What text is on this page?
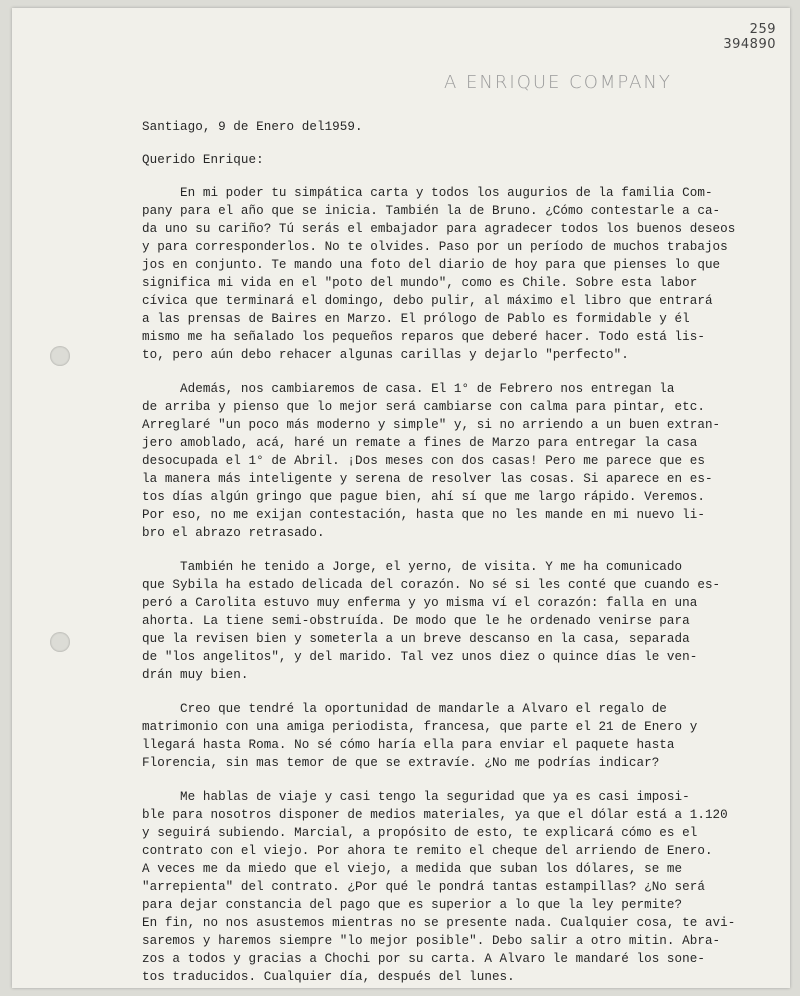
259
394890
A ENRIQUE COMPANY
Santiago, 9 de Enero del1959.
Querido Enrique:
En mi poder tu simpática carta y todos los augurios de la familia Com-
pany para el año que se inicia. También la de Bruno. ¿Cómo contestarle a ca-
da uno su cariño? Tú serás el embajador para agradecer todos los buenos deseos
y para corresponderlos. No te olvides. Paso por un período de muchos trabajos
jos en conjunto. Te mando una foto del diario de hoy para que pienses lo que
significa mi vida en el "poto del mundo", como es Chile. Sobre esta labor
cívica que terminará el domingo, debo pulir, al máximo el libro que entrará
a las prensas de Baires en Marzo. El prólogo de Pablo es formidable y él
mismo me ha señalado los pequeños reparos que deberé hacer. Todo está lis-
to, pero aún debo rehacer algunas carillas y dejarlo "perfecto".
Además, nos cambiaremos de casa. El 1° de Febrero nos entregan la
de arriba y pienso que lo mejor será cambiarse con calma para pintar, etc.
Arreglaré "un poco más moderno y simple" y, si no arriendo a un buen extran-
jero amoblado, acá, haré un remate a fines de Marzo para entregar la casa
desocupada el 1° de Abril. ¡Dos meses con dos casas! Pero me parece que es
la manera más inteligente y serena de resolver las cosas. Si aparece en es-
tos días algún gringo que pague bien, ahí sí que me largo rápido. Veremos.
Por eso, no me exijan contestación, hasta que no les mande en mi nuevo li-
bro el abrazo retrasado.
También he tenido a Jorge, el yerno, de visita. Y me ha comunicado
que Sybila ha estado delicada del corazón. No sé si les conté que cuando es-
peró a Carolita estuvo muy enferma y yo misma ví el corazón: falla en una
ahorta. La tiene semi-obstruída. De modo que le he ordenado venirse para
que la revisen bien y someterla a un breve descanso en la casa, separada
de "los angelitos", y del marido. Tal vez unos diez o quince días le ven-
drán muy bien.
Creo que tendré la oportunidad de mandarle a Alvaro el regalo de
matrimonio con una amiga periodista, francesa, que parte el 21 de Enero y
llegará hasta Roma. No sé cómo haría ella para enviar el paquete hasta
Florencia, sin mas temor de que se extravíe. ¿No me podrías indicar?
Me hablas de viaje y casi tengo la seguridad que ya es casi imposi-
ble para nosotros disponer de medios materiales, ya que el dólar está a 1.120
y seguirá subiendo. Marcial, a propósito de esto, te explicará cómo es el
contrato con el viejo. Por ahora te remito el cheque del arriendo de Enero.
A veces me da miedo que el viejo, a medida que suban los dólares, se me
"arrepienta" del contrato. ¿Por qué le pondrá tantas estampillas? ¿No será
para dejar constancia del pago que es superior a lo que la ley permite?
En fin, no nos asustemos mientras no se presente nada. Cualquier cosa, te avi-
saremos y haremos siempre "lo mejor posible". Debo salir a otro mitin. Abra-
zos a todos y gracias a Chochi por su carta. A Alvaro le mandaré los sone-
tos traducidos. Cualquier día, después del lunes.
